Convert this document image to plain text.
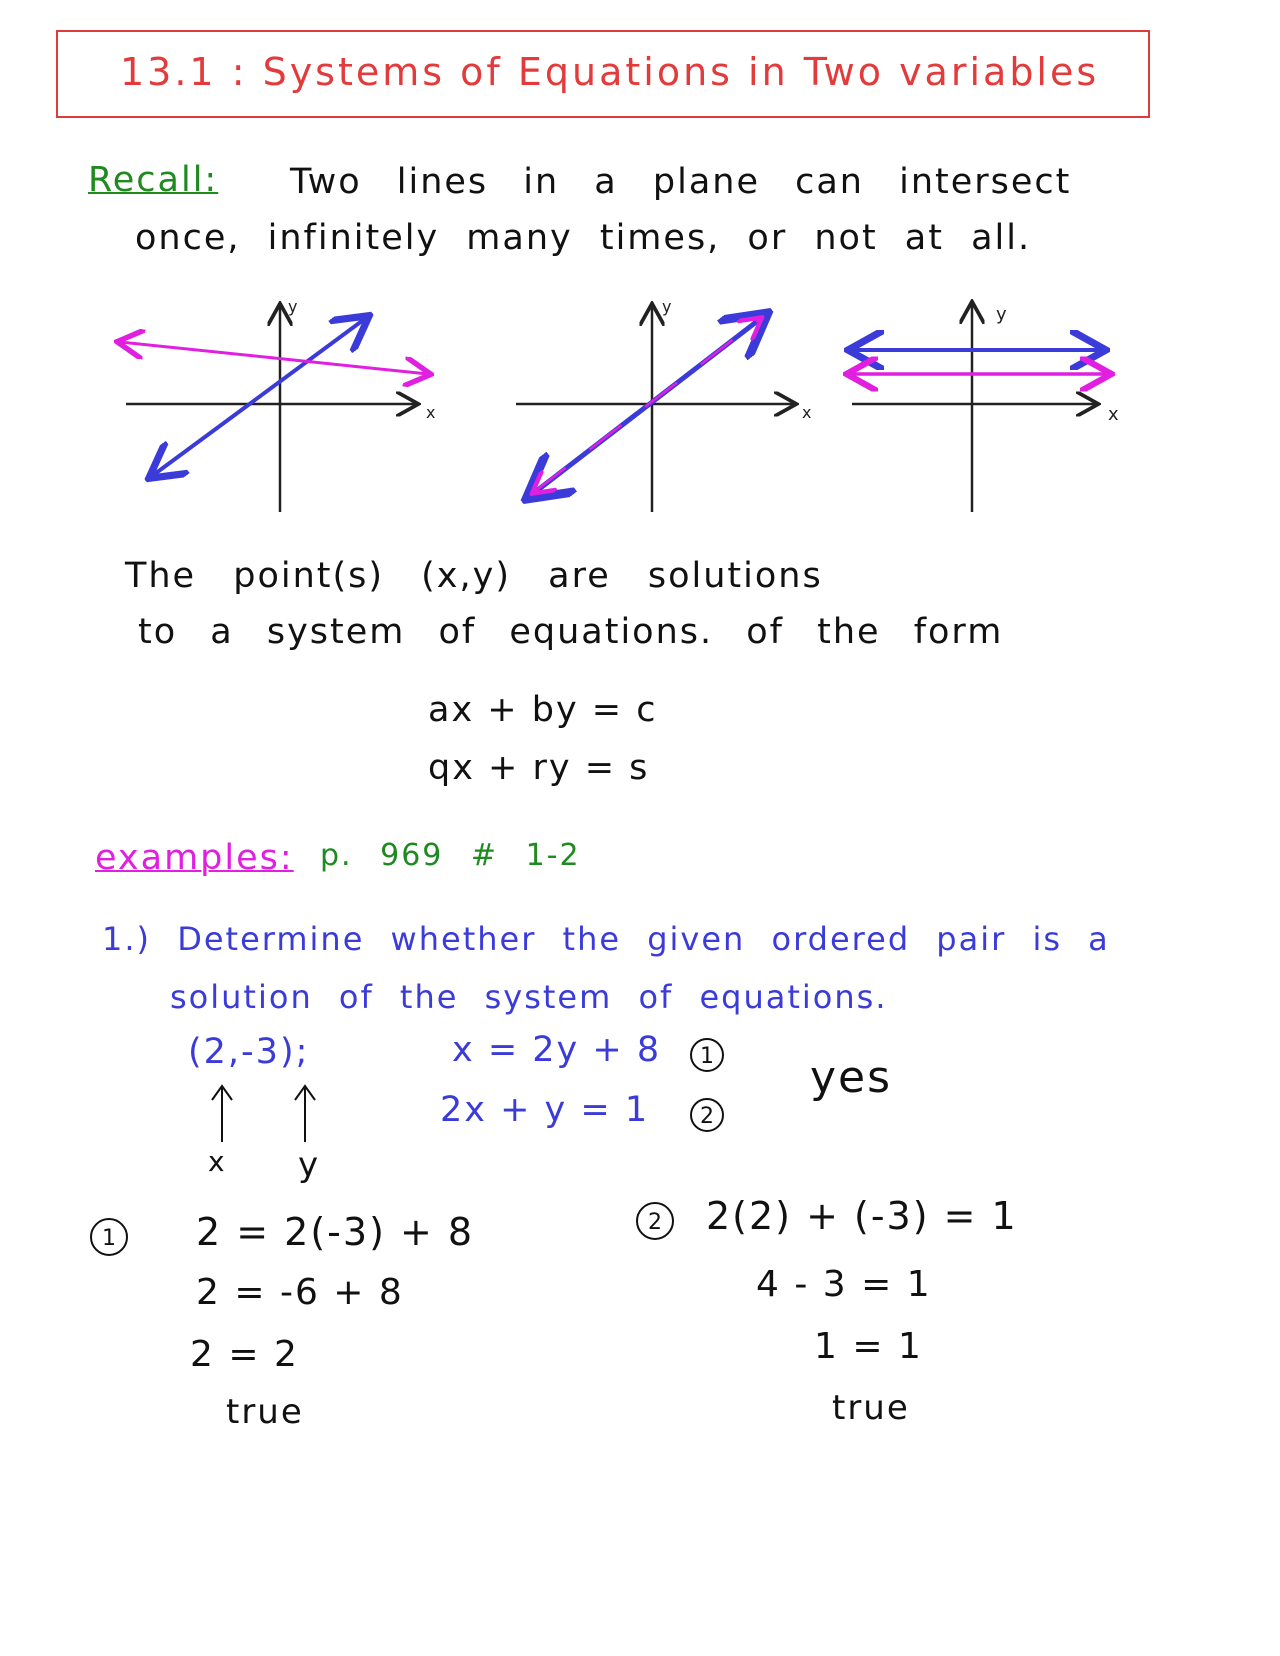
13.1 : Systems of Equations in Two variables
Recall: Two lines in a plane can intersect
once, infinitely many times, or not at all.
y
x
y
x
y
x
The point(s) (x,y) are solutions
to a system of equations. of the form
ax + by = c
qx + ry = s
examples: p. 969 # 1-2
1.) Determine whether the given ordered pair is a
solution of the system of equations.
(2,-3);	x = 2y + 8
2x + y = 1
1
2
yes
x y
1	2 = 2(-3) + 8
2 = -6 + 8
2 = 2
true
2	2(2) + (-3) = 1
4 - 3 = 1
1 = 1
true
